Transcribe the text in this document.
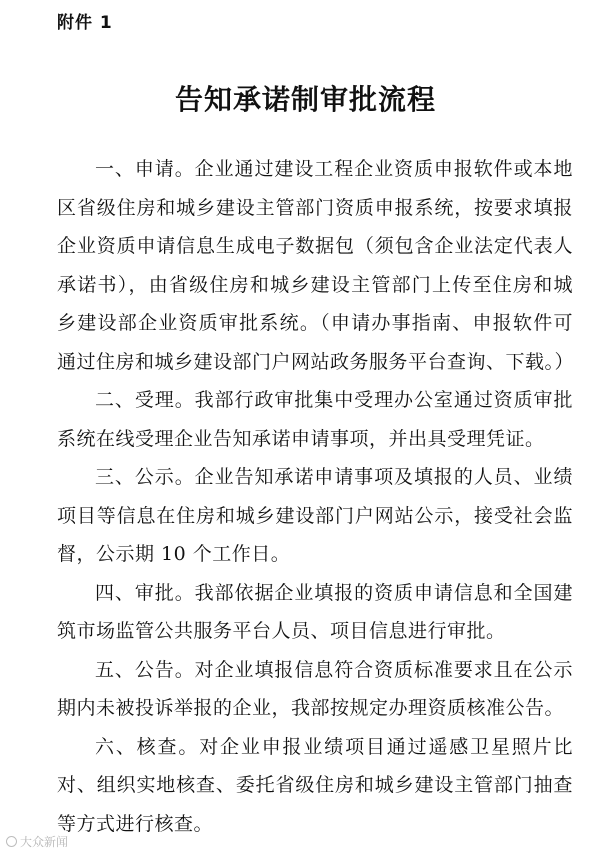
附件 1
告知承诺制审批流程

一、申请。企业通过建设工程企业资质申报软件或本地区省级住房和城乡建设主管部门资质申报系统，按要求填报企业资质申请信息生成电子数据包（须包含企业法定代表人承诺书），由省级住房和城乡建设主管部门上传至住房和城乡建设部企业资质审批系统。（申请办事指南、申报软件可通过住房和城乡建设部门户网站政务服务平台查询、下载。）

二、受理。我部行政审批集中受理办公室通过资质审批系统在线受理企业告知承诺申请事项，并出具受理凭证。

三、公示。企业告知承诺申请事项及填报的人员、业绩项目等信息在住房和城乡建设部门户网站公示，接受社会监督，公示期 10 个工作日。

四、审批。我部依据企业填报的资质申请信息和全国建筑市场监管公共服务平台人员、项目信息进行审批。

五、公告。对企业填报信息符合资质标准要求且在公示期内未被投诉举报的企业，我部按规定办理资质核准公告。

六、核查。对企业申报业绩项目通过遥感卫星照片比对、组织实地核查、委托省级住房和城乡建设主管部门抽查等方式进行核查。

大众新闻
